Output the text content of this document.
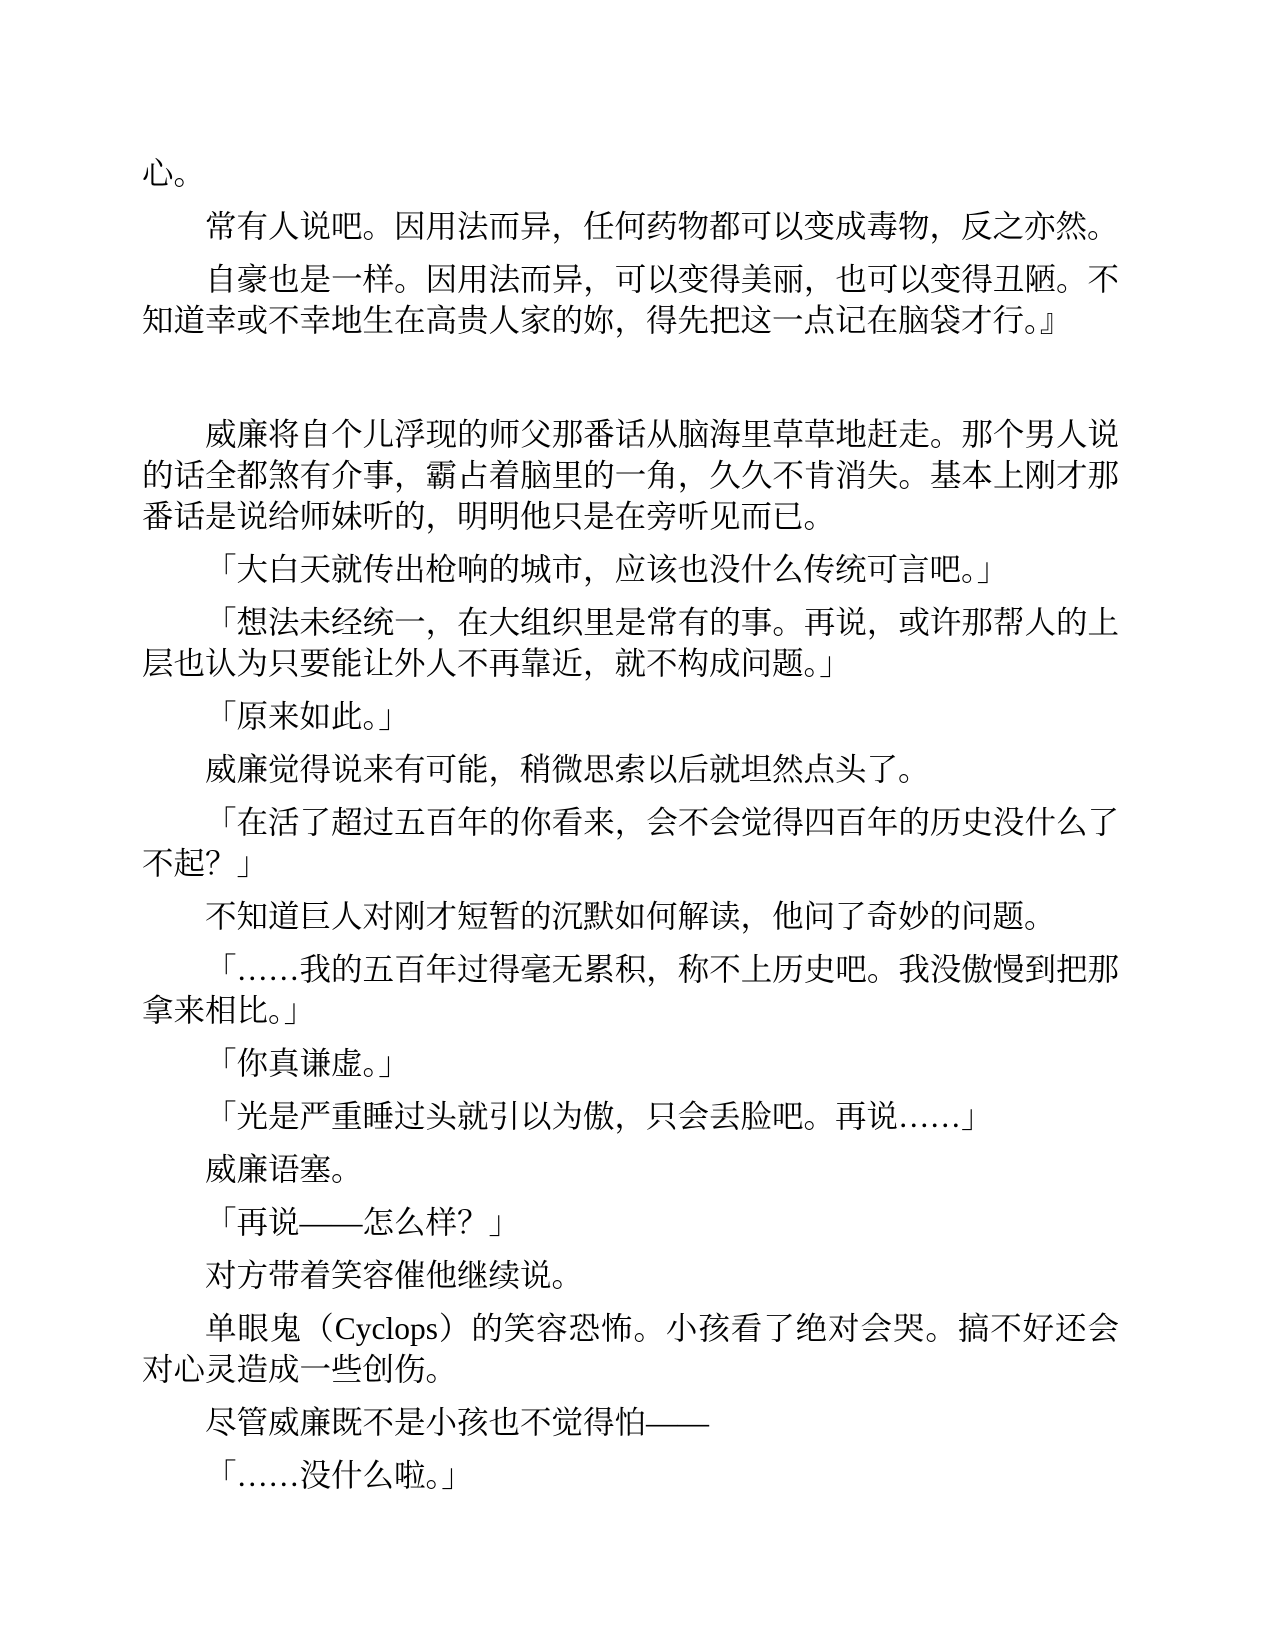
心。

常有人说吧。因用法而异，任何药物都可以变成毒物，反之亦然。

自豪也是一样。因用法而异，可以变得美丽，也可以变得丑陋。不知道幸或不幸地生在高贵人家的妳，得先把这一点记在脑袋才行。』

威廉将自个儿浮现的师父那番话从脑海里草草地赶走。那个男人说的话全都煞有介事，霸占着脑里的一角，久久不肯消失。基本上刚才那番话是说给师妹听的，明明他只是在旁听见而已。

「大白天就传出枪响的城市，应该也没什么传统可言吧。」

「想法未经统一，在大组织里是常有的事。再说，或许那帮人的上层也认为只要能让外人不再靠近，就不构成问题。」

「原来如此。」

威廉觉得说来有可能，稍微思索以后就坦然点头了。

「在活了超过五百年的你看来，会不会觉得四百年的历史没什么了不起？」

不知道巨人对刚才短暂的沉默如何解读，他问了奇妙的问题。

「……我的五百年过得毫无累积，称不上历史吧。我没傲慢到把那拿来相比。」

「你真谦虚。」

「光是严重睡过头就引以为傲，只会丢脸吧。再说……」

威廉语塞。

「再说——怎么样？」

对方带着笑容催他继续说。

单眼鬼（Cyclops）的笑容恐怖。小孩看了绝对会哭。搞不好还会对心灵造成一些创伤。

尽管威廉既不是小孩也不觉得怕——

「……没什么啦。」
